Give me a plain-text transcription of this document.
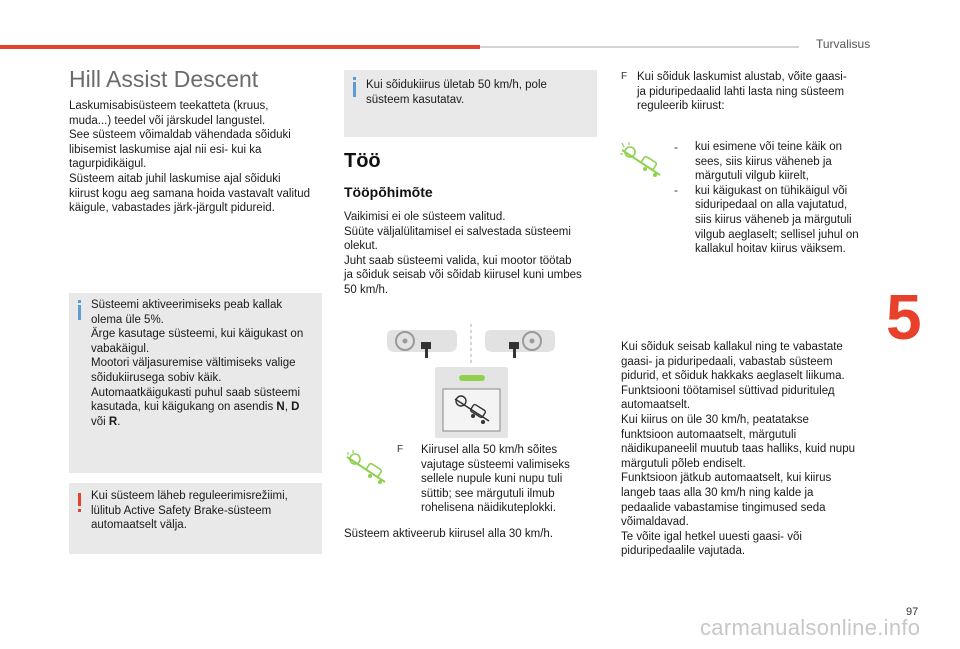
Turvalisus
5
97
carmanualsonline.info
Hill Assist Descent
Laskumisabisüsteem teekatteta (kruus,
muda...) teedel või järskudel langustel.
See süsteem võimaldab vähendada sõiduki
libisemist laskumise ajal nii esi- kui ka
tagurpidikäigul.
Süsteem aitab juhil laskumise ajal sõiduki
kiirust kogu aeg samana hoida vastavalt valitud
käigule, vabastades järk-järgult pidureid.
Süsteemi aktiveerimiseks peab kallak
olema üle 5%.
Ärge kasutage süsteemi, kui käigukast on
vabakäigul.
Mootori väljasuremise vältimiseks valige
sõidukiirusega sobiv käik.
Automaatkäigukasti puhul saab süsteemi
kasutada, kui käigukang on asendis N, D
või R.
Kui süsteem läheb reguleerimisrežiimi,
lülitub Active Safety Brake-süsteem
automaatselt välja.
Kui sõidukiirus ületab 50 km/h, pole
süsteem kasutatav.
Töö
Tööpõhimõte
Vaikimisi ei ole süsteem valitud.
Süüte väljalülitamisel ei salvestada süsteemi
olekut.
Juht saab süsteemi valida, kui mootor töötab
ja sõiduk seisab või sõidab kiirusel kuni umbes
50 km/h.
F	Kiirusel alla 50 km/h sõites
vajutage süsteemi valimiseks
sellele nupule kuni nupu tuli
süttib; see märgutuli ilmub
rohelisena näidikuteplokki.
Süsteem aktiveerub kiirusel alla 30 km/h.
F Kui sõiduk laskumist alustab, võite gaasi-
ja piduripedaalid lahti lasta ning süsteem
reguleerib kiirust:
-	kui esimene või teine käik on
sees, siis kiirus väheneb ja
märgutuli vilgub kiirelt,
-	kui käigukast on tühikäigul või
siduripedaal on alla vajutatud,
siis kiirus väheneb ja märgutuli
vilgub aeglaselt; sellisel juhul on
kallakul hoitav kiirus väiksem.
Kui sõiduk seisab kallakul ning te vabastate
gaasi- ja piduripedaali, vabastab süsteem
pidurid, et sõiduk hakkaks aeglaselt liikuma.
Funktsiooni töötamisel süttivad piduritulед
automaatselt.
Kui kiirus on üle 30 km/h, peatatakse
funktsioon automaatselt, märgutuli
näidikupaneelil muutub taas halliks, kuid nupu
märgutuli põleb endiselt.
Funktsioon jätkub automaatselt, kui kiirus
langeb taas alla 30 km/h ning kalde ja
pedaalide vabastamise tingimused seda
võimaldavad.
Te võite igal hetkel uuesti gaasi- või
piduripedaalile vajutada.
